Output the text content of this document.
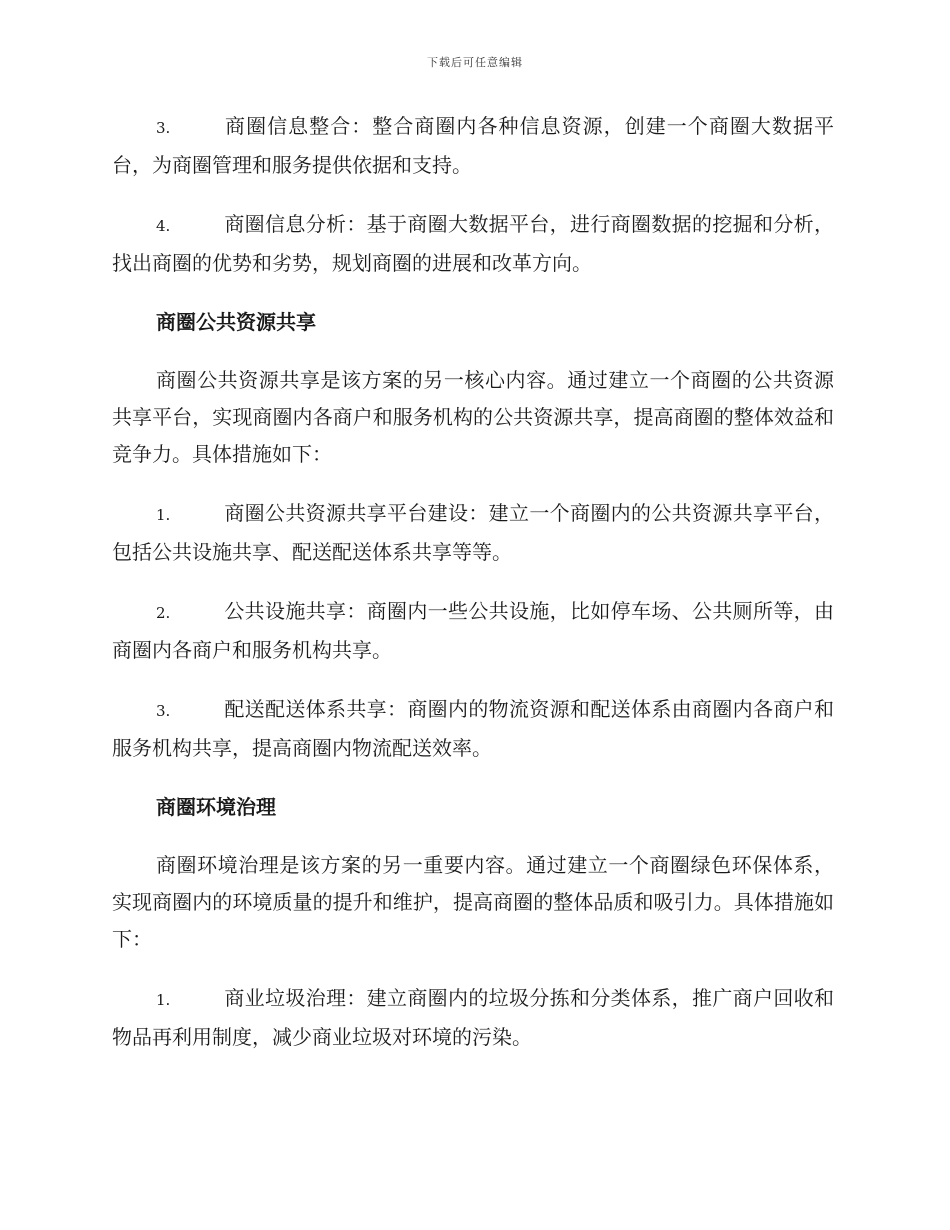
下载后可任意编辑
3.	商圈信息整合：整合商圈内各种信息资源，创建一个商圈大数据平台，为商圈管理和服务提供依据和支持。
4.	商圈信息分析：基于商圈大数据平台，进行商圈数据的挖掘和分析，找出商圈的优势和劣势，规划商圈的进展和改革方向。
商圈公共资源共享

商圈公共资源共享是该方案的另一核心内容。通过建立一个商圈的公共资源共享平台，实现商圈内各商户和服务机构的公共资源共享，提高商圈的整体效益和竞争力。具体措施如下：

1.	商圈公共资源共享平台建设：建立一个商圈内的公共资源共享平台，包括公共设施共享、配送配送体系共享等等。
2.	公共设施共享：商圈内一些公共设施，比如停车场、公共厕所等，由商圈内各商户和服务机构共享。
3.	配送配送体系共享：商圈内的物流资源和配送体系由商圈内各商户和服务机构共享，提高商圈内物流配送效率。
商圈环境治理

商圈环境治理是该方案的另一重要内容。通过建立一个商圈绿色环保体系，实现商圈内的环境质量的提升和维护，提高商圈的整体品质和吸引力。具体措施如下：

1.	商业垃圾治理：建立商圈内的垃圾分拣和分类体系，推广商户回收和物品再利用制度，减少商业垃圾对环境的污染。
